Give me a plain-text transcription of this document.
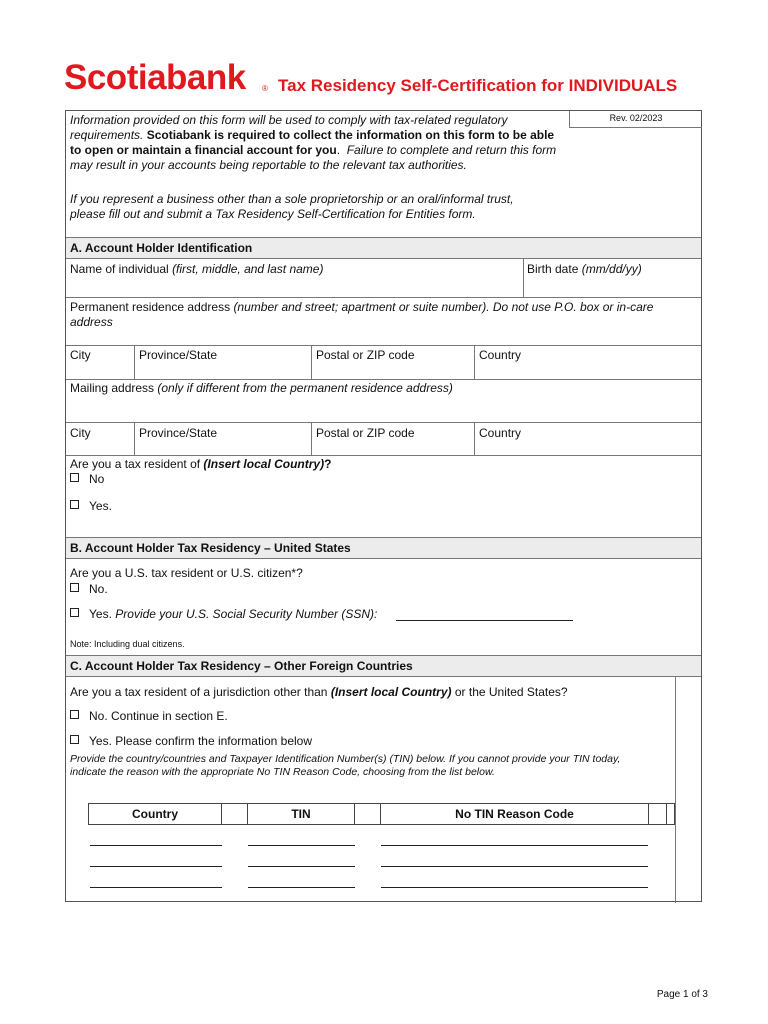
Scotiabank ® Tax Residency Self-Certification for INDIVIDUALS
Rev. 02/2023
Information provided on this form will be used to comply with tax-related regulatory requirements. Scotiabank is required to collect the information on this form to be able to open or maintain a financial account for you.  Failure to complete and return this form may result in your accounts being reportable to the relevant tax authorities.
If you represent a business other than a sole proprietorship or an oral/informal trust, please fill out and submit a Tax Residency Self-Certification for Entities form.
A. Account Holder Identification
Name of individual (first, middle, and last name)	Birth date (mm/dd/yy)
Permanent residence address (number and street; apartment or suite number). Do not use P.O. box or in-care address
City	Province/State	Postal or ZIP code	Country
Mailing address (only if different from the permanent residence address)
City	Province/State	Postal or ZIP code	Country
Are you a tax resident of (Insert local Country)?
No
Yes.
B. Account Holder Tax Residency – United States
Are you a U.S. tax resident or U.S. citizen*?
No.
Yes. Provide your U.S. Social Security Number (SSN):
Note: Including dual citizens.
C. Account Holder Tax Residency – Other Foreign Countries
Are you a tax resident of a jurisdiction other than (Insert local Country) or the United States?
No. Continue in section E.
Yes. Please confirm the information below
Provide the country/countries and Taxpayer Identification Number(s) (TIN) below. If you cannot provide your TIN today, indicate the reason with the appropriate No TIN Reason Code, choosing from the list below.
Country	TIN	No TIN Reason Code
Page 1 of 3
